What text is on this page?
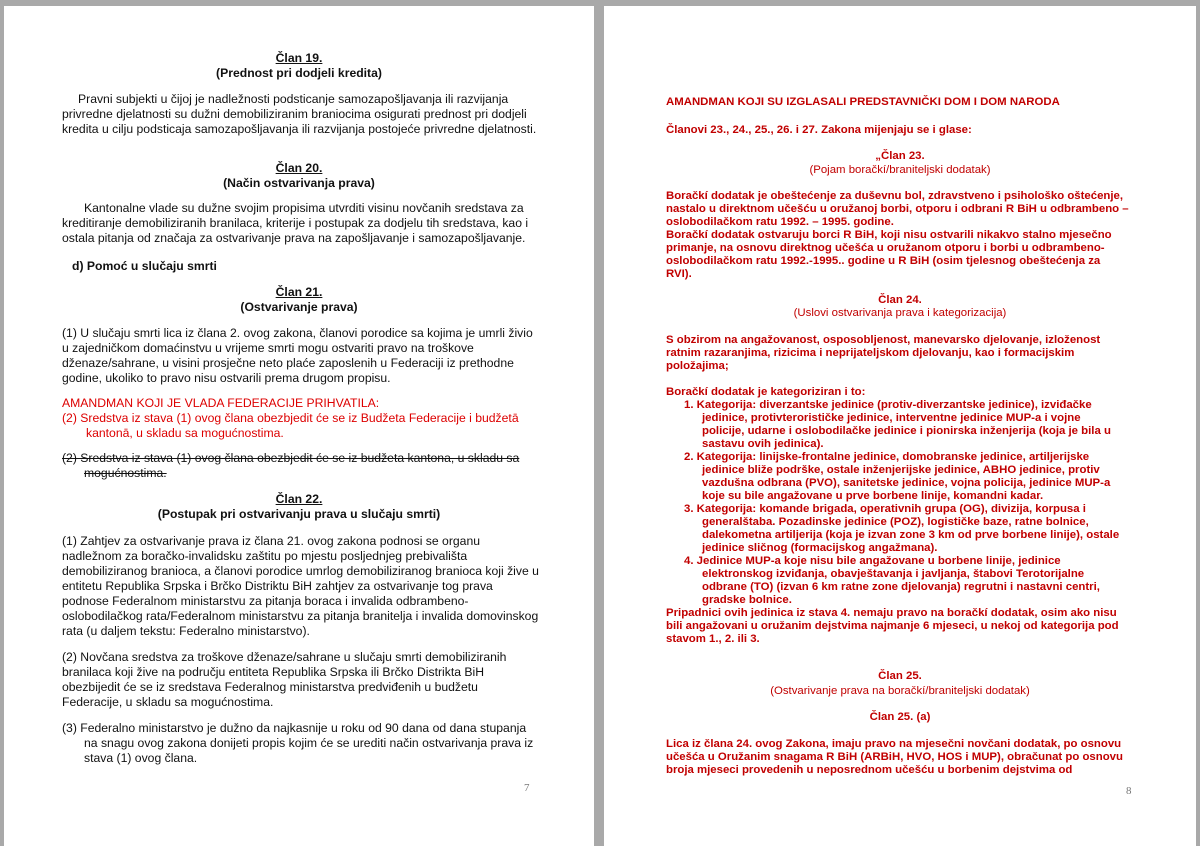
Član 19.

(Prednost pri dodjeli kredita)

Pravni subjekti u čijoj je nadležnosti podsticanje samozapošljavanja ili razvijanja

privredne djelatnosti su dužni demobiliziranim braniocima osigurati prednost pri dodjeli

kredita u cilju podsticaja samozapošljavanja ili razvijanja postojeće privredne djelatnosti.

Član 20.

(Način ostvarivanja prava)

Kantonalne vlade su dužne svojim propisima utvrditi visinu novčanih sredstava za

kreditiranje demobiliziranih branilaca, kriterije i postupak za dodjelu tih sredstava, kao i

ostala pitanja od značaja za ostvarivanje prava na zapošljavanje i samozapošljavanje.

d) Pomoć u slučaju smrti

Član 21.

(Ostvarivanje prava)

(1) U slučaju smrti lica iz člana 2. ovog zakona, članovi porodice sa kojima je umrli živio

u zajedničkom domaćinstvu u vrijeme smrti mogu ostvariti pravo na troškove

dženaze/sahrane, u visini prosječne neto plaće zaposlenih u Federaciji iz prethodne

godine, ukoliko to pravo nisu ostvarili prema drugom propisu.

AMANDMAN KOJI JE VLADA FEDERACIJE PRIHVATILA:

(2) Sredstva iz stava (1) ovog člana obezbjedit će se iz Budžeta Federacije i budžetā

kantonā, u skladu sa mogućnostima.

(2) Sredstva iz stava (1) ovog člana obezbjedit će se iz budžeta kantona, u skladu sa

mogućnostima.

Član 22.

(Postupak pri ostvarivanju prava u slučaju smrti)

(1) Zahtjev za ostvarivanje prava iz člana 21. ovog zakona podnosi se organu

nadležnom za boračko-invalidsku zaštitu po mjestu posljednjeg prebivališta

demobiliziranog branioca, a članovi porodice umrlog demobiliziranog branioca koji žive u

entitetu Republika Srpska i Brčko Distriktu BiH zahtjev za ostvarivanje tog prava

podnose Federalnom ministarstvu za pitanja boraca i invalida odbrambeno-

oslobodilačkog rata/Federalnom ministarstvu za pitanja branitelja i invalida domovinskog

rata (u daljem tekstu: Federalno ministarstvo).

(2) Novčana sredstva za troškove dženaze/sahrane u slučaju smrti demobiliziranih

branilaca koji žive na području entiteta Republika Srpska ili Brčko Distrikta BiH

obezbijedit će se iz sredstava Federalnog ministarstva predviđenih u budžetu

Federacije, u skladu sa mogućnostima.

(3) Federalno ministarstvo je dužno da najkasnije u roku od 90 dana od dana stupanja

na snagu ovog zakona donijeti propis kojim će se urediti način ostvarivanja prava iz

stava (1) ovog člana.

7

AMANDMAN KOJI SU IZGLASALI PREDSTAVNIČKI DOM I DOM NARODA

Članovi 23., 24., 25., 26. i 27. Zakona mijenjaju se i glase:

„Član 23.

(Pojam boračkí/braniteljski dodatak)

Boračkí dodatak je obeštećenje za duševnu bol, zdravstveno i psihološko oštećenje,

nastalo u direktnom učešću u oružanoj borbi, otporu i odbrani R BiH u odbrambeno –

oslobodilačkom ratu 1992. – 1995. godine.

Boračkí dodatak ostvaruju borci R BiH, koji nisu ostvarili nikakvo stalno mjesečno

primanje, na osnovu direktnog učešća u oružanom otporu i borbi u odbrambeno-

oslobodilačkom ratu 1992.-1995.. godine u R BiH (osim tjelesnog obeštećenja za

RVI).

Član 24.

(Uslovi ostvarivanja prava i kategorizacija)

S obzirom na angažovanost, osposobljenost, manevarsko djelovanje, izloženost

ratnim razaranjima, rizicima i neprijateljskom djelovanju, kao i formacijskim

položajima;

Boračkí dodatak je kategoriziran i to:

1. Kategorija: diverzantske jedinice (protiv-diverzantske jedinice), izviđačke

jedinice, protivterorističke jedinice, interventne jedinice MUP-a i vojne

policije, udarne i oslobodilačke jedinice i pionirska inženjerija (koja je bila u

sastavu ovih jedinica).

2. Kategorija: linijske-frontalne jedinice, domobranske jedinice, artiljerijske

jedinice bliže podrške, ostale inženjerijske jedinice, ABHO jedinice, protiv

vazdušna odbrana (PVO), sanitetske jedinice, vojna policija, jedinice MUP-a

koje su bile angažovane u prve borbene linije, komandni kadar.

3. Kategorija: komande brigada, operativnih grupa (OG), divizija, korpusa i

generalštaba. Pozadinske jedinice (POZ), logističke baze, ratne bolnice,

dalekometna artiljerija (koja je izvan zone 3 km od prve borbene linije), ostale

jedinice sličnog (formacijskog angažmana).

4. Jedinice MUP-a koje nisu bile angažovane u borbene linije, jedinice

elektronskog izviđanja, obavještavanja i javljanja, štabovi Terotorijalne

odbrane (TO) (izvan 6 km ratne zone djelovanja) regrutni i nastavni centri,

gradske bolnice.

Pripadnici ovih jedinica iz stava 4. nemaju pravo na boračkí dodatak, osim ako nisu

bili angažovani u oružanim dejstvima najmanje 6 mjeseci, u nekoj od kategorija pod

stavom 1., 2. ili 3.

Član 25.

(Ostvarivanje prava na boračkí/braniteljski dodatak)

Član 25. (a)

Lica iz člana 24. ovog Zakona, imaju pravo na mjesečni novčani dodatak, po osnovu

učešća u Oružanim snagama R BiH (ARBiH, HVO, HOS i MUP), obračunat po osnovu

broja mjeseci provedenih u neposrednom učešću u borbenim dejstvima od

8
